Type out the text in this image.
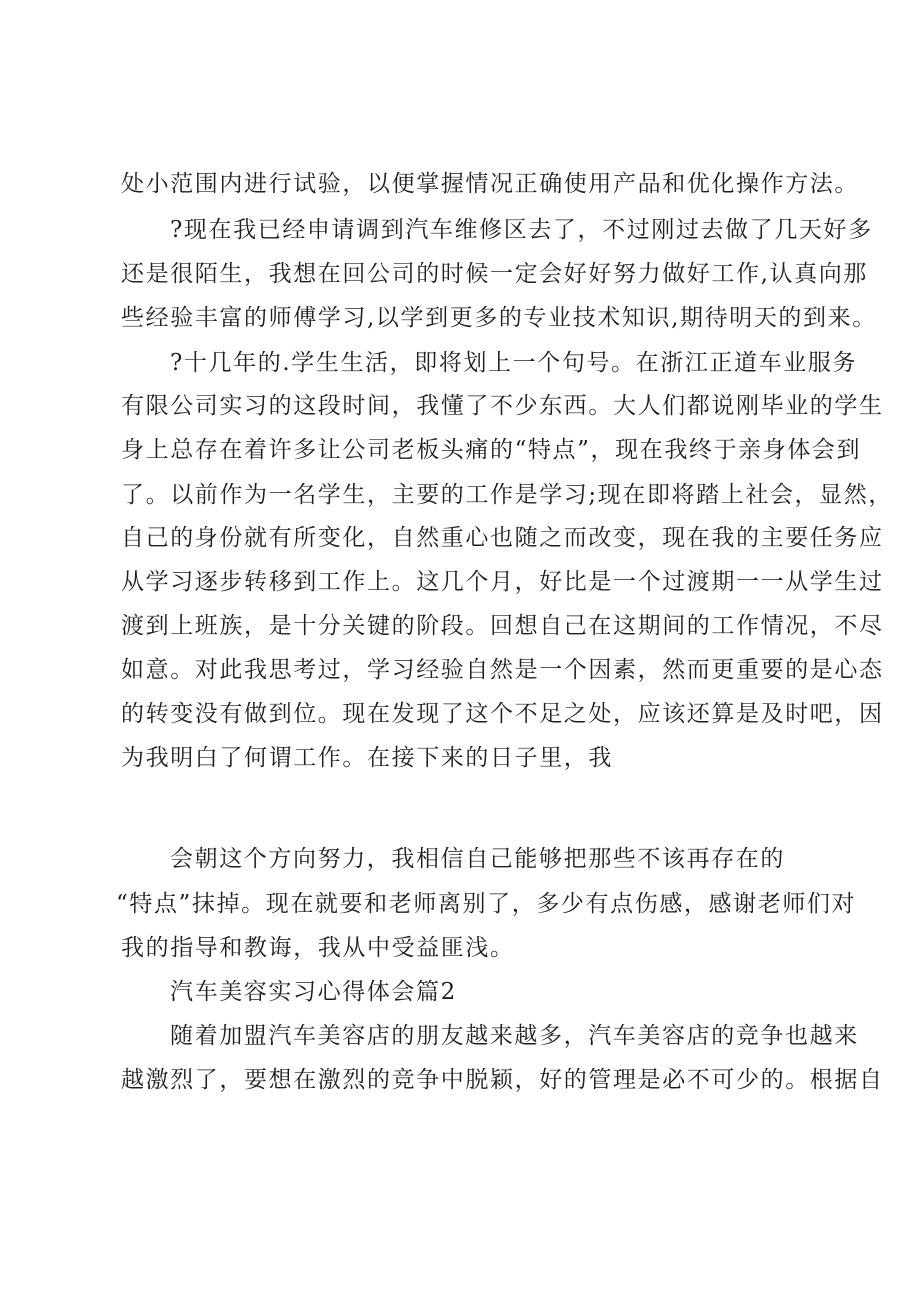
处小范围内进行试验，以便掌握情况正确使用产品和优化操作方法。
?现在我已经申请调到汽车维修区去了，不过刚过去做了几天好多
还是很陌生，我想在回公司的时候一定会好好努力做好工作,认真向那
些经验丰富的师傅学习,以学到更多的专业技术知识,期待明天的到来。
?十几年的.学生生活，即将划上一个句号。在浙江正道车业服务
有限公司实习的这段时间，我懂了不少东西。大人们都说刚毕业的学生
身上总存在着许多让公司老板头痛的“特点”，现在我终于亲身体会到
了。以前作为一名学生，主要的工作是学习;现在即将踏上社会，显然，
自己的身份就有所变化，自然重心也随之而改变，现在我的主要任务应
从学习逐步转移到工作上。这几个月，好比是一个过渡期一一从学生过
渡到上班族，是十分关键的阶段。回想自己在这期间的工作情况，不尽
如意。对此我思考过，学习经验自然是一个因素，然而更重要的是心态
的转变没有做到位。现在发现了这个不足之处，应该还算是及时吧，因
为我明白了何谓工作。在接下来的日子里，我
会朝这个方向努力，我相信自己能够把那些不该再存在的
“特点”抹掉。现在就要和老师离别了，多少有点伤感，感谢老师们对
我的指导和教诲，我从中受益匪浅。
汽车美容实习心得体会篇2
随着加盟汽车美容店的朋友越来越多，汽车美容店的竞争也越来
越激烈了，要想在激烈的竞争中脱颖，好的管理是必不可少的。根据自
